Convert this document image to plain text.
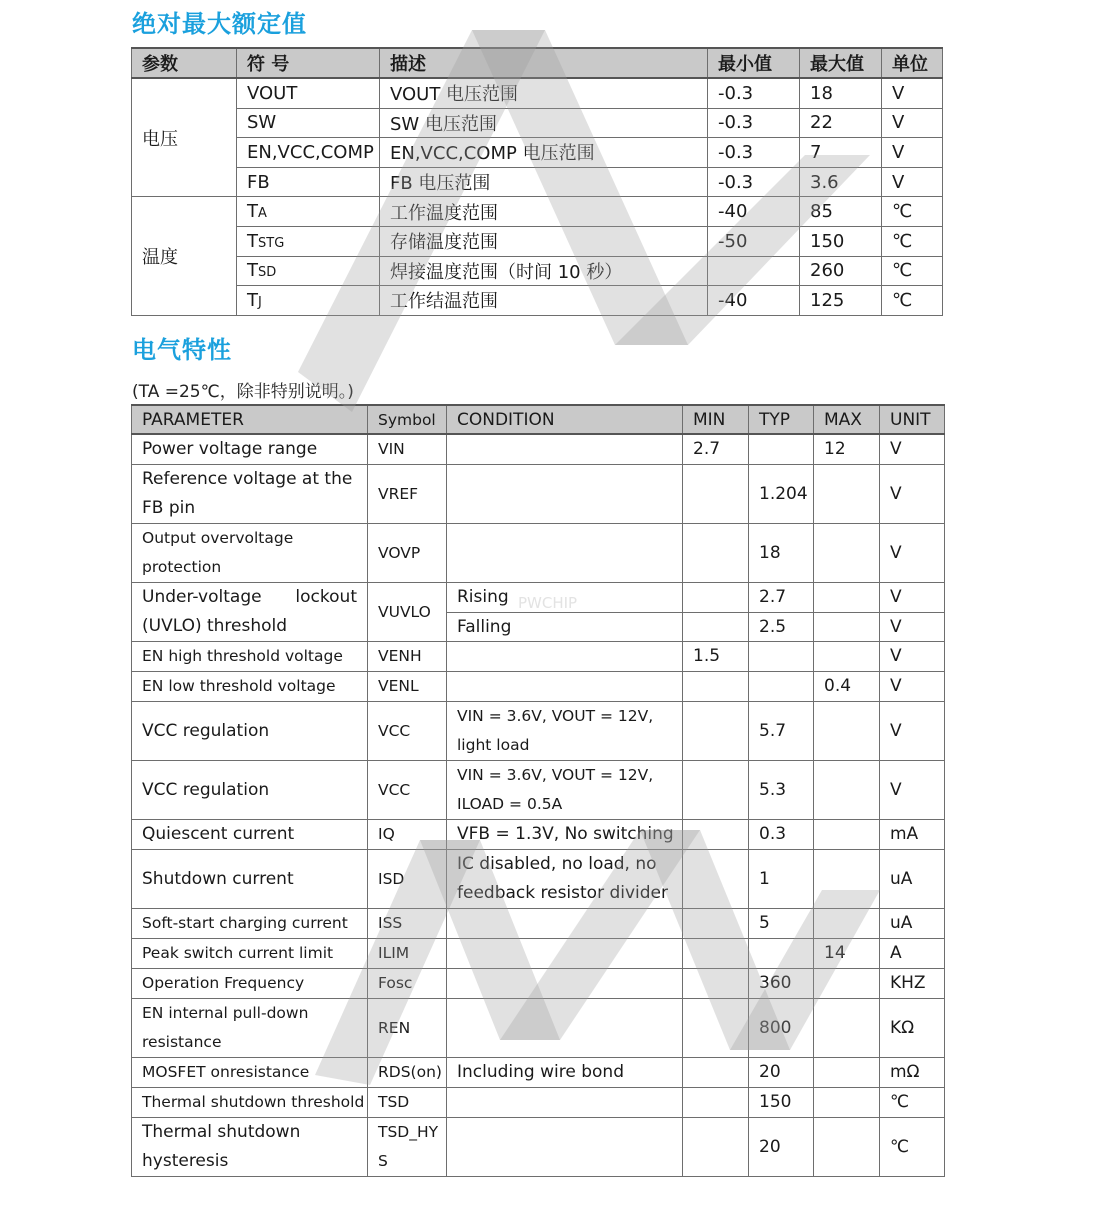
绝对最大额定值
参数	符 号	描述	最小值	最大值	单位
电压	VOUT	VOUT 电压范围	-0.3	18	V
	SW	SW 电压范围	-0.3	22	V
	EN,VCC,COMP	EN,VCC,COMP 电压范围	-0.3	7	V
	FB	FB 电压范围	-0.3	3.6	V
温度	TA	工作温度范围	-40	85	℃
	TSTG	存储温度范围	-50	150	℃
	TSD	焊接温度范围（时间 10 秒）		260	℃
	TJ	工作结温范围	-40	125	℃
电气特性
(TA =25℃，除非特别说明。)
PARAMETER	Symbol	CONDITION	MIN	TYP	MAX	UNIT
Power voltage range	VIN		2.7		12	V
Reference voltage at the FB pin	VREF			1.204		V
Output overvoltage protection	VOVP			18		V

Under-voltage lockout
(UVLO) threshold	VUVLO	Rising		2.7		V
		Falling		2.5		V
EN high threshold voltage	VENH		1.5			V
EN low threshold voltage	VENL				0.4	V
VCC regulation	VCC	VIN = 3.6V, VOUT = 12V, light load		5.7		V
VCC regulation	VCC	VIN = 3.6V, VOUT = 12V, ILOAD = 0.5A		5.3		V
Quiescent current	IQ	VFB = 1.3V, No switching		0.3		mA
Shutdown current	ISD	IC disabled, no load, no feedback resistor divider		1		uA
Soft-start charging current	ISS			5		uA
Peak switch current limit	ILIM				14	A
Operation Frequency	Fosc			360		KHZ
EN internal pull-down resistance	REN			800		KΩ
MOSFET onresistance	RDS(on)	Including wire bond		20		mΩ
Thermal shutdown threshold	TSD			150		℃
Thermal shutdown hysteresis	TSD_HYS			20		℃
PWCHIP
